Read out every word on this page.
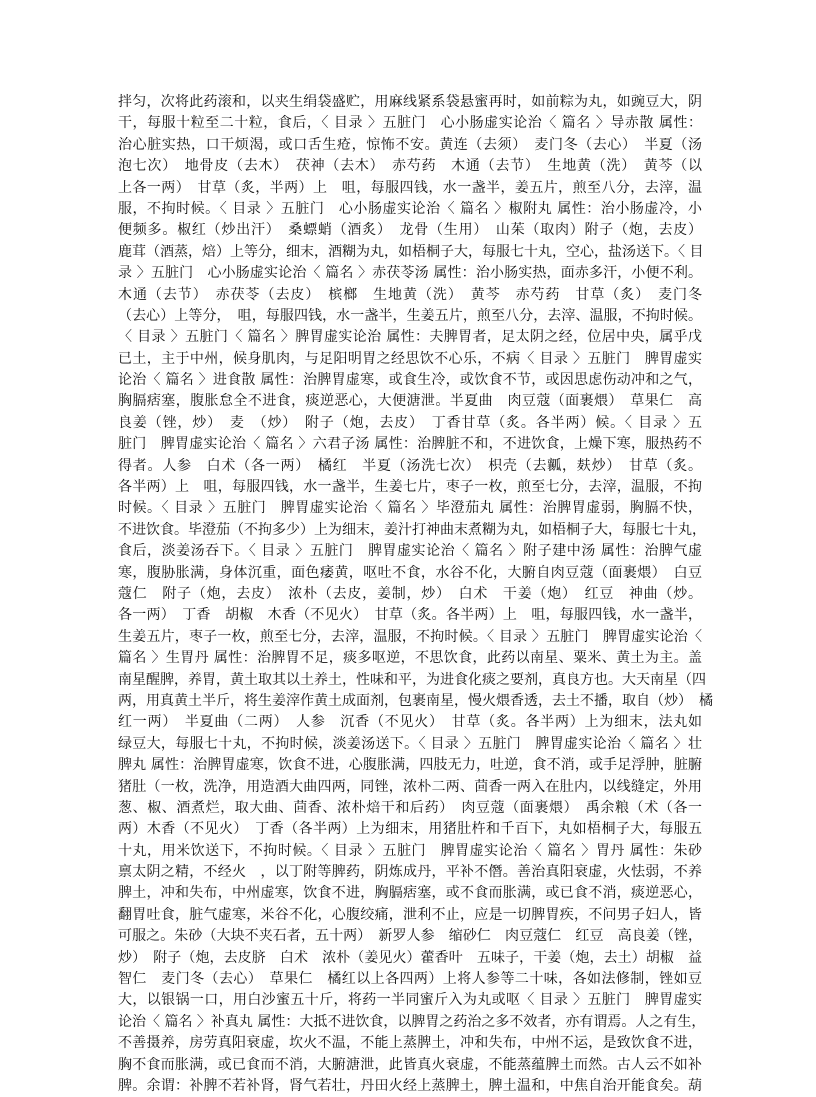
拌匀，次将此药滚和，以夹生绢袋盛贮，用麻线紧系袋悬蜜再时，如前粽为丸，如豌豆大，阴
干，每服十粒至二十粒，食后，〈 目录 〉五脏门　心小肠虚实论治〈 篇名 〉导赤散 属性：
治心脏实热，口干烦渴，或口舌生疮，惊怖不安。黄连（去须）　麦门冬（去心）　半夏（汤
泡七次）　地骨皮（去木）　茯神（去木）　赤芍药　木通（去节）　生地黄（洗）　黄芩（以
上各一两）　甘草（炙，半两）上　咀，每服四钱，水一盏半，姜五片，煎至八分，去滓，温
服，不拘时候。〈 目录 〉五脏门　心小肠虚实论治〈 篇名 〉椒附丸 属性：治小肠虚冷，小
便频多。椒红（炒出汗）　桑螵蛸（酒炙）　龙骨（生用）　山茱（取肉）附子（炮，去皮）
鹿茸（酒蒸，焙）上等分，细末，酒糊为丸，如梧桐子大，每服七十丸，空心，盐汤送下。〈 目
录 〉五脏门　心小肠虚实论治〈 篇名 〉赤茯苓汤 属性：治小肠实热，面赤多汗，小便不利。
木通（去节）　赤茯苓（去皮）　槟榔　生地黄（洗）　黄芩　赤芍药　甘草（炙）　麦门冬
（去心）上等分，　咀，每服四钱，水一盏半，生姜五片，煎至八分，去滓、温服，不拘时候。
〈 目录 〉五脏门〈 篇名 〉脾胃虚实论治 属性：夫脾胃者，足太阴之经，位居中央，属乎戊
已土，主于中州，候身肌肉，与足阳明胃之经思饮不心乐，不病〈 目录 〉五脏门　脾胃虚实
论治〈 篇名 〉进食散 属性：治脾胃虚寒，或食生冷，或饮食不节，或因思虑伤动冲和之气，
胸膈痞塞，腹胀怠全不进食，痰逆恶心，大便溏泄。半夏曲　肉豆蔻（面裹煨）　草果仁　高
良姜（锉，炒）　麦　（炒）　附子（炮，去皮）　丁香甘草（炙。各半两）候。〈 目录 〉五
脏门　脾胃虚实论治〈 篇名 〉六君子汤 属性：治脾脏不和，不进饮食，上燥下寒，服热药不
得者。人参　白术（各一两）　橘红　半夏（汤洗七次）　枳壳（去瓤，麸炒）　甘草（炙。
各半两）上　咀，每服四钱，水一盏半，生姜七片，枣子一枚，煎至七分，去滓，温服，不拘
时候。〈 目录 〉五脏门　脾胃虚实论治〈 篇名 〉毕澄茄丸 属性：治脾胃虚弱，胸膈不快，
不进饮食。毕澄茄（不拘多少）上为细末，姜汁打神曲末煮糊为丸，如梧桐子大，每服七十丸，
食后，淡姜汤吞下。〈 目录 〉五脏门　脾胃虚实论治〈 篇名 〉附子建中汤 属性：治脾气虚
寒，腹胁胀满，身体沉重，面色痿黄，呕吐不食，水谷不化，大腑自肉豆蔻（面裹煨）　白豆
蔻仁　附子（炮，去皮）　浓朴（去皮，姜制，炒）　白术　干姜（炮）　红豆　神曲（炒。
各一两）　丁香　胡椒　木香（不见火）　甘草（炙。各半两）上　咀，每服四钱，水一盏半，
生姜五片，枣子一枚，煎至七分，去滓，温服，不拘时候。〈 目录 〉五脏门　脾胃虚实论治〈
篇名 〉生胃丹 属性：治脾胃不足，痰多呕逆，不思饮食，此药以南星、粟米、黄土为主。盖
南星醒脾，养胃，黄土取其以土养土，性味和平，为进食化痰之要剂，真良方也。大天南星（四
两，用真黄土半斤，将生姜滓作黄土成面剂，包裹南星，慢火煨香透，去土不播，取自（炒）　橘
红一两）　半夏曲（二两）　人参　沉香（不见火）　甘草（炙。各半两）上为细末，法丸如
绿豆大，每服七十丸，不拘时候，淡姜汤送下。〈 目录 〉五脏门　脾胃虚实论治〈 篇名 〉壮
脾丸 属性：治脾胃虚寒，饮食不进，心腹胀满，四肢无力，吐逆，食不消，或手足浮肿，脏腑
猪肚（一枚，洗净，用造酒大曲四两，同锉，浓朴二两、茴香一两入在肚内，以线缝定，外用
葱、椒、酒煮烂，取大曲、茴香、浓朴焙干和后药）　肉豆蔻（面裹煨）　禹余粮（术（各一
两）木香（不见火）　丁香（各半两）上为细末，用猪肚杵和千百下，丸如梧桐子大，每服五
十丸，用米饮送下，不拘时候。〈 目录 〉五脏门　脾胃虚实论治〈 篇名 〉胃丹 属性：朱砂
禀太阴之精，不经火　，以丁附等脾药，阴炼成丹，平补不僭。善治真阳衰虚，火怯弱，不养
脾土，冲和失布，中州虚寒，饮食不进，胸膈痞塞，或不食而胀满，或已食不消，痰逆恶心，
翻胃吐食，脏气虚寒，米谷不化，心腹绞痛，泄利不止，应是一切脾胃疾，不问男子妇人，皆
可服之。朱砂（大块不夹石者，五十两）　新罗人参　缩砂仁　肉豆蔻仁　红豆　高良姜（锉，
炒）　附子（炮，去皮脐　白术　浓朴（姜见火）藿香叶　五味子，干姜（炮，去土）胡椒　益
智仁　麦门冬（去心）　草果仁　橘红以上各四两）上将人参等二十味，各如法修制，锉如豆
大，以银锅一口，用白沙蜜五十斤，将药一半同蜜斤入为丸或呕〈 目录 〉五脏门　脾胃虚实
论治〈 篇名 〉补真丸 属性：大抵不进饮食，以脾胃之药治之多不效者，亦有谓焉。人之有生，
不善摄养，房劳真阳衰虚，坎火不温，不能上蒸脾土，冲和失布，中州不运，是致饮食不进，
胸不食而胀满，或已食而不消，大腑溏泄，此皆真火衰虚，不能蒸蕴脾土而然。古人云不如补
脾。余谓：补脾不若补肾，肾气若壮，丹田火经上蒸脾土，脾土温和，中焦自治开能食矣。葫
